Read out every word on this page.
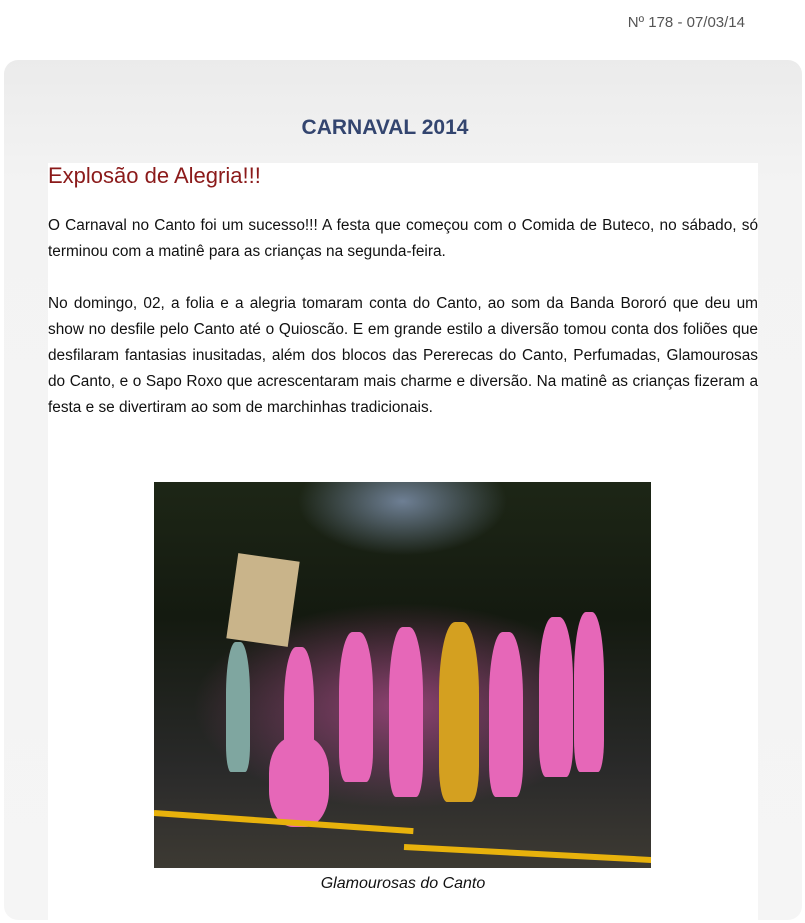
Nº 178 - 07/03/14
CARNAVAL 2014
Explosão de Alegria!!!

O Carnaval no Canto foi um sucesso!!! A festa que começou com o Comida de Buteco, no sábado, só terminou com a matinê para as crianças na segunda-feira.

No domingo, 02, a folia e a alegria tomaram conta do Canto, ao som da Banda Bororó que deu um show no desfile pelo Canto até o Quioscão. E em grande estilo a diversão tomou conta dos foliões que desfilaram fantasias inusitadas, além dos blocos das Pererecas do Canto, Perfumadas, Glamourosas do Canto, e o Sapo Roxo que acrescentaram mais charme e diversão. Na matinê as crianças fizeram a festa e se divertiram ao som de marchinhas tradicionais.

Glamourosas do Canto
